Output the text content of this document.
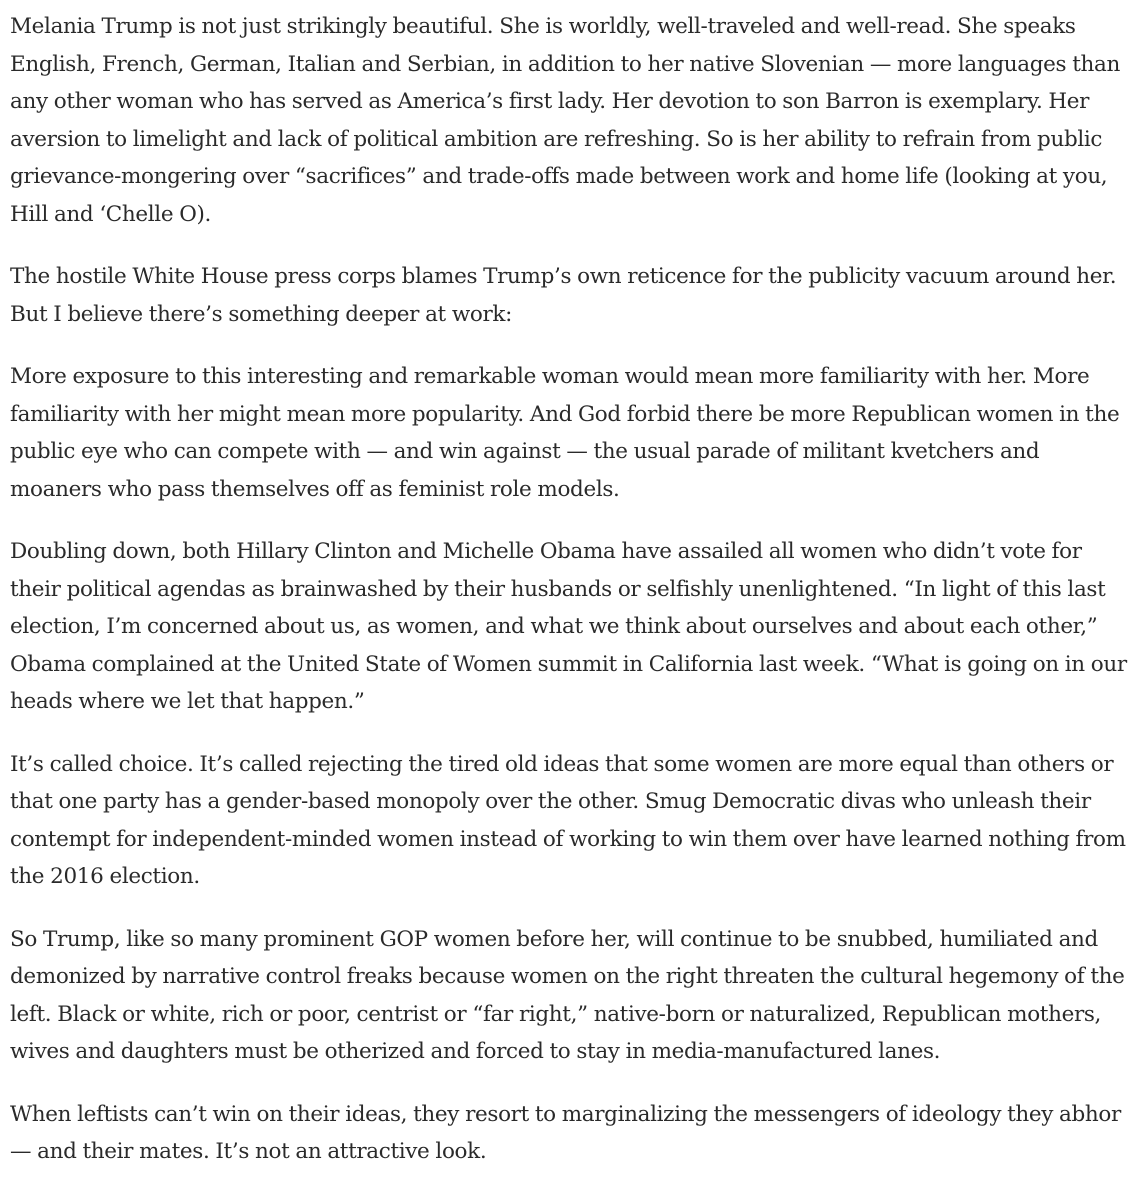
Melania Trump is not just strikingly beautiful. She is worldly, well-traveled and well-read. She speaks English, French, German, Italian and Serbian, in addition to her native Slovenian — more languages than any other woman who has served as America’s first lady. Her devotion to son Barron is exemplary. Her aversion to limelight and lack of political ambition are refreshing. So is her ability to refrain from public grievance-mongering over “sacrifices” and trade-offs made between work and home life (looking at you, Hill and ‘Chelle O).

The hostile White House press corps blames Trump’s own reticence for the publicity vacuum around her. But I believe there’s something deeper at work:

More exposure to this interesting and remarkable woman would mean more familiarity with her. More familiarity with her might mean more popularity. And God forbid there be more Republican women in the public eye who can compete with — and win against — the usual parade of militant kvetchers and moaners who pass themselves off as feminist role models.

Doubling down, both Hillary Clinton and Michelle Obama have assailed all women who didn’t vote for their political agendas as brainwashed by their husbands or selfishly unenlightened. “In light of this last election, I’m concerned about us, as women, and what we think about ourselves and about each other,” Obama complained at the United State of Women summit in California last week. “What is going on in our heads where we let that happen.”

It’s called choice. It’s called rejecting the tired old ideas that some women are more equal than others or that one party has a gender-based monopoly over the other. Smug Democratic divas who unleash their contempt for independent-minded women instead of working to win them over have learned nothing from the 2016 election.

So Trump, like so many prominent GOP women before her, will continue to be snubbed, humiliated and demonized by narrative control freaks because women on the right threaten the cultural hegemony of the left. Black or white, rich or poor, centrist or “far right,” native-born or naturalized, Republican mothers, wives and daughters must be otherized and forced to stay in media-manufactured lanes.

When leftists can’t win on their ideas, they resort to marginalizing the messengers of ideology they abhor — and their mates. It’s not an attractive look.
